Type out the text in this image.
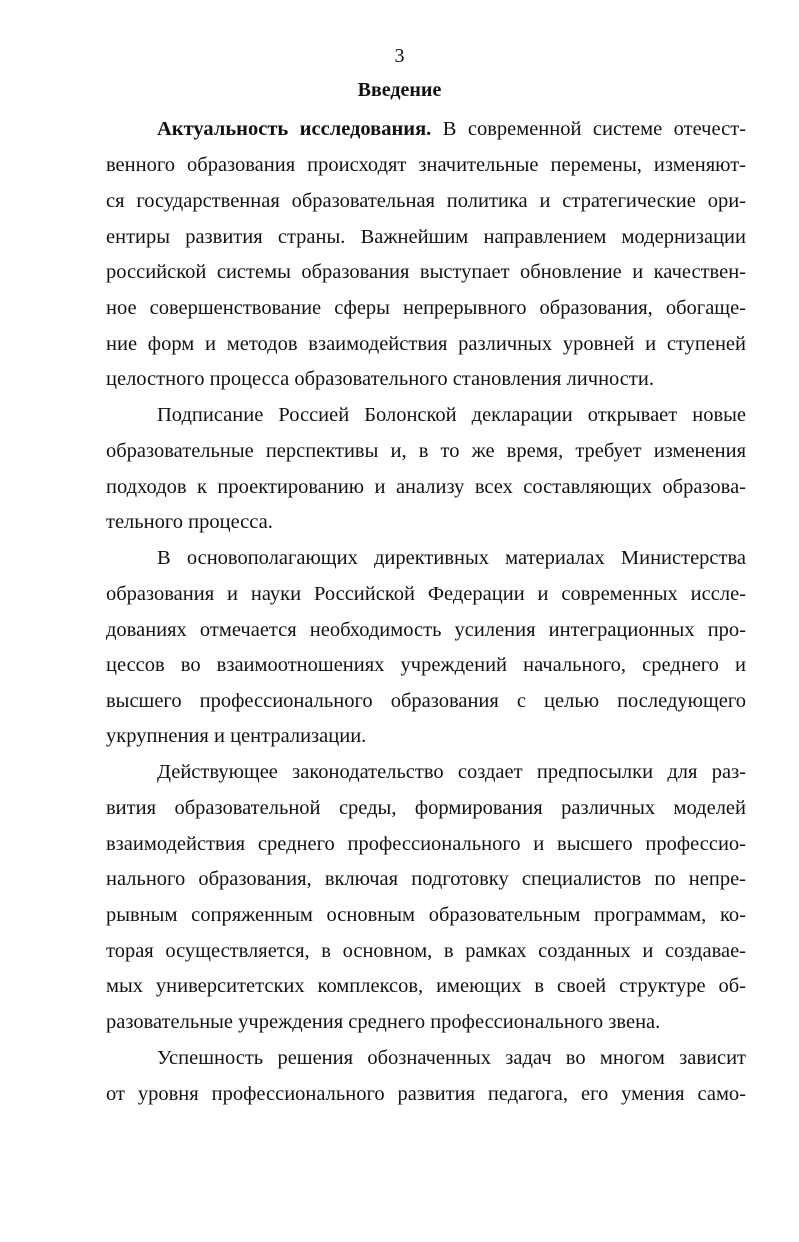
3
Введение
Актуальность исследования. В современной системе отечест-
венного образования происходят значительные перемены, изменяют-
ся государственная образовательная политика и стратегические ори-
ентиры развития страны. Важнейшим направлением модернизации
российской системы образования выступает обновление и качествен-
ное совершенствование сферы непрерывного образования, обогаще-
ние форм и методов взаимодействия различных уровней и ступеней
целостного процесса образовательного становления личности.
Подписание Россией Болонской декларации открывает новые
образовательные перспективы и, в то же время, требует изменения
подходов к проектированию и анализу всех составляющих образова-
тельного процесса.
В основополагающих директивных материалах Министерства
образования и науки Российской Федерации и современных иссле-
дованиях отмечается необходимость усиления интеграционных про-
цессов во взаимоотношениях учреждений начального, среднего и
высшего профессионального образования с целью последующего
укрупнения и централизации.
Действующее законодательство создает предпосылки для раз-
вития образовательной среды, формирования различных моделей
взаимодействия среднего профессионального и высшего профессио-
нального образования, включая подготовку специалистов по непре-
рывным сопряженным основным образовательным программам, ко-
торая осуществляется, в основном, в рамках созданных и создавае-
мых университетских комплексов, имеющих в своей структуре об-
разовательные учреждения среднего профессионального звена.
Успешность решения обозначенных задач во многом зависит
от уровня профессионального развития педагога, его умения само-
